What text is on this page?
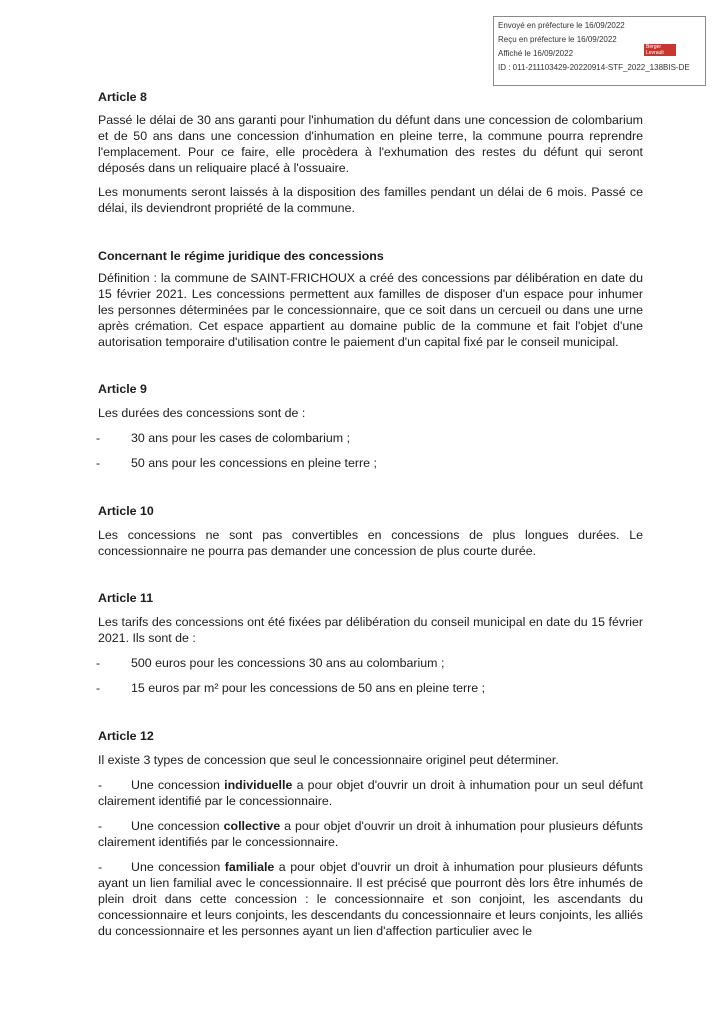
Envoyé en préfecture le 16/09/2022
Reçu en préfecture le 16/09/2022
Affiché le 16/09/2022
ID : 011-211103429-20220914-STF_2022_138BIS-DE
Berger Levrault
Article 8

Passé le délai de 30 ans garanti pour l'inhumation du défunt dans une concession de colombarium et de 50 ans dans une concession d'inhumation en pleine terre, la commune pourra reprendre l'emplacement. Pour ce faire, elle procèdera à l'exhumation des restes du défunt qui seront déposés dans un reliquaire placé à l'ossuaire.

Les monuments seront laissés à la disposition des familles pendant un délai de 6 mois. Passé ce délai, ils deviendront propriété de la commune.

Concernant le régime juridique des concessions

Définition : la commune de SAINT-FRICHOUX a créé des concessions par délibération en date du 15 février 2021. Les concessions permettent aux familles de disposer d'un espace pour inhumer les personnes déterminées par le concessionnaire, que ce soit dans un cercueil ou dans une urne après crémation. Cet espace appartient au domaine public de la commune et fait l'objet d'une autorisation temporaire d'utilisation contre le paiement d'un capital fixé par le conseil municipal.

Article 9

Les durées des concessions sont de :

-	30 ans pour les cases de colombarium ;
-	50 ans pour les concessions en pleine terre ;
Article 10

Les concessions ne sont pas convertibles en concessions de plus longues durées. Le concessionnaire ne pourra pas demander une concession de plus courte durée.

Article 11

Les tarifs des concessions ont été fixées par délibération du conseil municipal en date du 15 février 2021. Ils sont de :

-	500 euros pour les concessions 30 ans au colombarium ;
-	15 euros par m² pour les concessions de 50 ans en pleine terre ;
Article 12

Il existe 3 types de concession que seul le concessionnaire originel peut déterminer.

- Une concession individuelle a pour objet d'ouvrir un droit à inhumation pour un seul défunt clairement identifié par le concessionnaire.

- Une concession collective a pour objet d'ouvrir un droit à inhumation pour plusieurs défunts clairement identifiés par le concessionnaire.

- Une concession familiale a pour objet d'ouvrir un droit à inhumation pour plusieurs défunts ayant un lien familial avec le concessionnaire. Il est précisé que pourront dès lors être inhumés de plein droit dans cette concession : le concessionnaire et son conjoint, les ascendants du concessionnaire et leurs conjoints, les descendants du concessionnaire et leurs conjoints, les alliés du concessionnaire et les personnes ayant un lien d'affection particulier avec le
